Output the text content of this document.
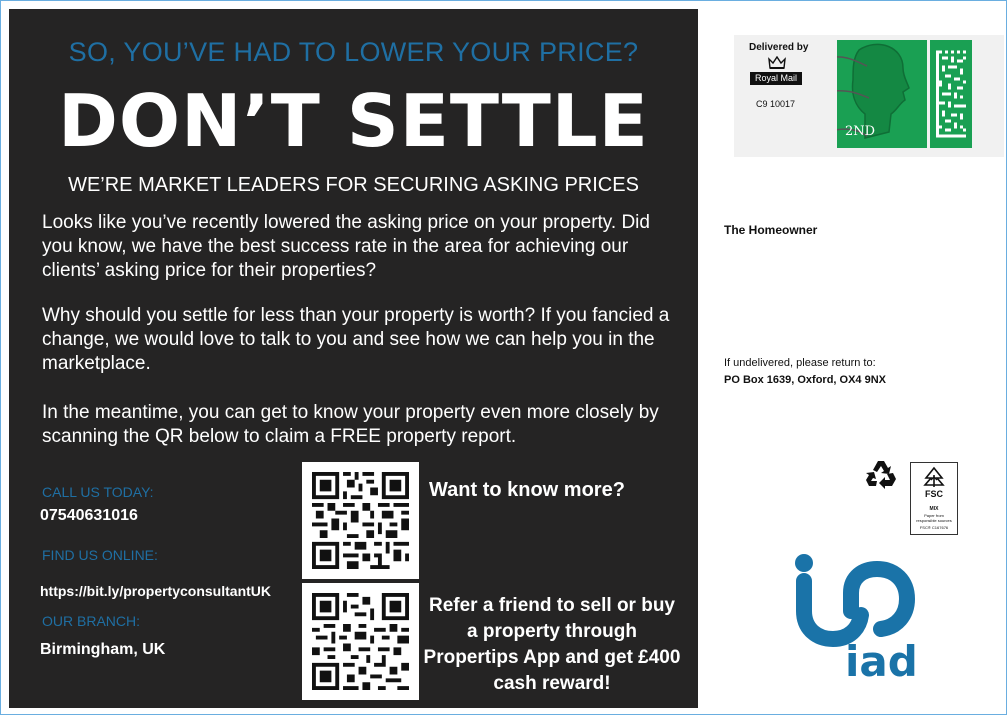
SO, YOU’VE HAD TO LOWER YOUR PRICE?
DON’T SETTLE
WE’RE MARKET LEADERS FOR SECURING ASKING PRICES

Looks like you’ve recently lowered the asking price on your property. Did you know, we have the best success rate in the area for achieving our clients’ asking price for their properties?

Why should you settle for less than your property is worth? If you fancied a change, we would love to talk to you and see how we can help you in the marketplace.

In the meantime, you can get to know your property even more closely by scanning the QR below to claim a FREE property report.

CALL US TODAY:
07540631016
FIND US ONLINE:
https://bit.ly/propertyconsultantUK
OUR BRANCH:
Birmingham, UK
Want to know more?
Refer a friend to sell or buy a property through Propertips App and get £400 cash reward!
Delivered by
Royal Mail
C9 10017
2ND
The Homeowner
If undelivered, please return to:
PO Box 1639, Oxford, OX4 9NX
FSC
MIX
Paper from responsible sources
FSC® C167676
iad
